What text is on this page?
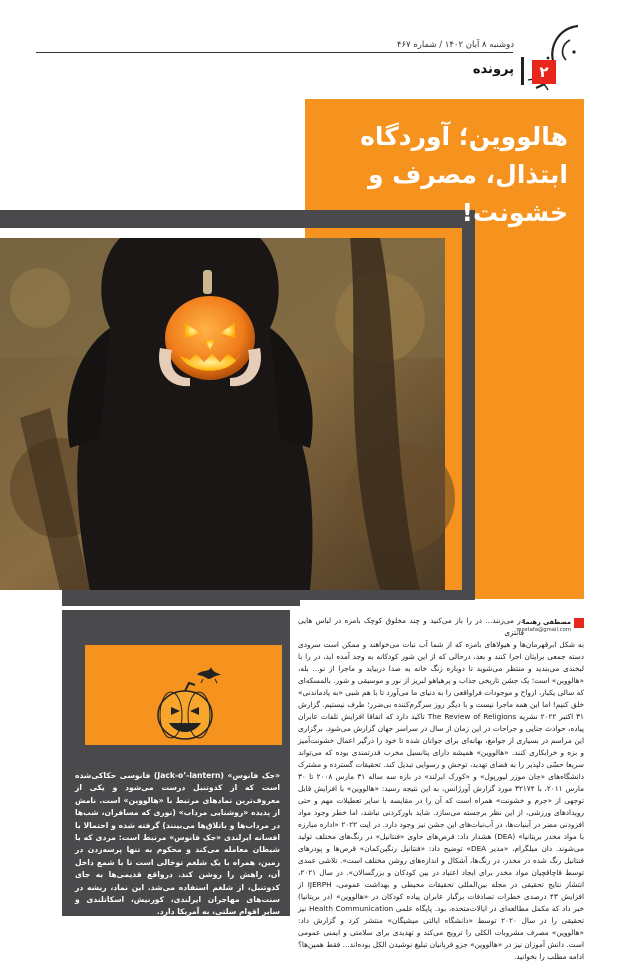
دوشنبه ۸ آبان ۱۴۰۲ / شماره ۴۶۷
۲
پرونده
هالووین؛ آوردگاه
ابتذال، مصرف و خشونت!

«جک فانوس» (Jack-o’-lantern) فانوسی حکاکی‌شده است که از کدوتنبل درست می‌شود و یکی از معروف‌ترین نمادهای مرتبط با «هالووین» است. نامش از پدیده «روشنایی مرداب» (نوری که مسافران، شب‌ها در مرداب‌ها و باتلاق‌ها می‌بینند) گرفته شده و احتمالا با افسانه ایرلندی «جک فانوس» مرتبط است: مردی که با شیطان معامله می‌کند و محکوم به تنها پرسه‌زدن در زمین، همراه با یک شلغم توخالی است تا با شمع داخل آن، راهش را روشن کند. درواقع قدیمی‌ها به جای کدوتنبل، از شلغم استفاده می‌شد. این نماد، ریشه در سنت‌های مهاجران ایرلندی، کورنیش، اسکاتلندی و سایر اقوام سلتی، به آمریکا دارد.

مصطفی رهنما
mostafa@gmail.com

در می‌زنند... در را باز می‌کنید و چند مخلوق کوچک بامزه در لباس هایی فانتزی
به شکل ابرقهرمان‌ها و هیولاهای بامزه که از شما آب نبات می‌خواهند و ممکن است سرودی دسته جمعی برایتان اجرا کنند و بعد، درحالی که از این شور کودکانه به وجد آمده اید، در را با لبخندی می‌بندید و منتظر می‌شوید تا دوباره زنگ خانه به صدا دربیاید و ماجرا از نو... بله، «هالووین» است؛ یک جشن تاریخی جذاب و پرهیاهو لبریز از نور و موسیقی و شور. بالمسکه‌ای که سالی یکبار، ارواح و موجودات فراواقعی را به دنیای ما می‌آورد تا با هم شبی «به یادماندنی» خلق کنیم! اما این همه ماجرا نیست و با دیگر روز سرگرم‌کننده بی‌ضرر؛ طرف نیستیم. گزارش ۳۱ اکتبر ۲۰۲۲ نشریه The Review of Religions تاکید دارد که اتفاقا افزایش تلفات عابران پیاده، حوادث جنایی و جراحات در این زمان از سال در سراسر جهان گزارش می‌شود. برگزاری این مراسم در بسیاری از جوامع، بهانه‌ای برای جوانان شده تا خود را درگیر اعمال خشونت‌آمیز و بزه و خرابکاری کنند. «هالووین» همیشه دارای پتانسیل مخرب قدرتمندی بوده که می‌تواند سریعا حسّی دلپذیر را به فضای تهدید، توحش و رسوایی تبدیل کند. تحقیقات گسترده و مشترک دانشگاه‌های «جان موزر لیورپول» و «کورک ایرلند» در بازه سه ساله ۳۱ مارس ۲۰۰۸ تا ۳۰ مارس ۲۰۱۱، با ۳۲۱۷۴ مورد گزارش آورژانس، به این نتیجه رسید: «هالووین» با افزایش قابل توجهی از «جرم و خشونت» همراه است که آن را در مقایسه با سایر تعطیلات مهم و حتی رویدادهای ورزشی، از این نظر برجسته می‌سازد. شاید باورکردنی نباشد، اما خطر وجود مواد افزودنی مضر در آبنبات‌ها، در آب‌نبات‌های این جشن نیز وجود دارد. در ایت ۲۰۲۲ «اداره مبارزه با مواد مخدر بریتانیا» (DEA) هشدار داد: قرص‌های حاوی «فنتانیل» در رنگ‌های مختلف تولید می‌شوند. دان میلگرام، «مدیر DEA» توضیح داد: «فنتانیل رنگین‌کمان» قرص‌ها و پودرهای فنتانیل رنگ شده در مخدر، در رنگ‌ها، اَشکال و اندازه‌های روشن مختلف است». تلاشی عمدی توسط قاچاقچیان مواد مخدر برای ایجاد اعتیاد در بین کودکان و بزرگسالان». در سال ۲۰۲۱، انتشار نتایج تحقیقی در مجله بین‌المللی تحقیقات محیطی و بهداشت عمومی، IJERPH از افزایش ۴۳ درصدی خطرات تصادفات برگبار عابران پیاده کودکان در «هالووین» (در بریتانیا) خبر داد که مکمل مطالعه‌ای در ایالات‌متحده، بود. پایگاه علمی Health Communication نیز تحقیقی را در سال ۲۰۲۰ توسط «دانشگاه ایالتی میشیگان» منتشر کرد و گزارش داد: «هالووین» مصرف مشروبات الکلی را ترویج می‌کند و تهدیدی برای سلامتی و ایمنی عمومی است. دانش آموزان نیز در «هالووین» جزو قربانیان تبلیغ نوشیدن الکل بوده‌اند... فقط همین‌ها؟ ادامه مطلب را بخوانید.
